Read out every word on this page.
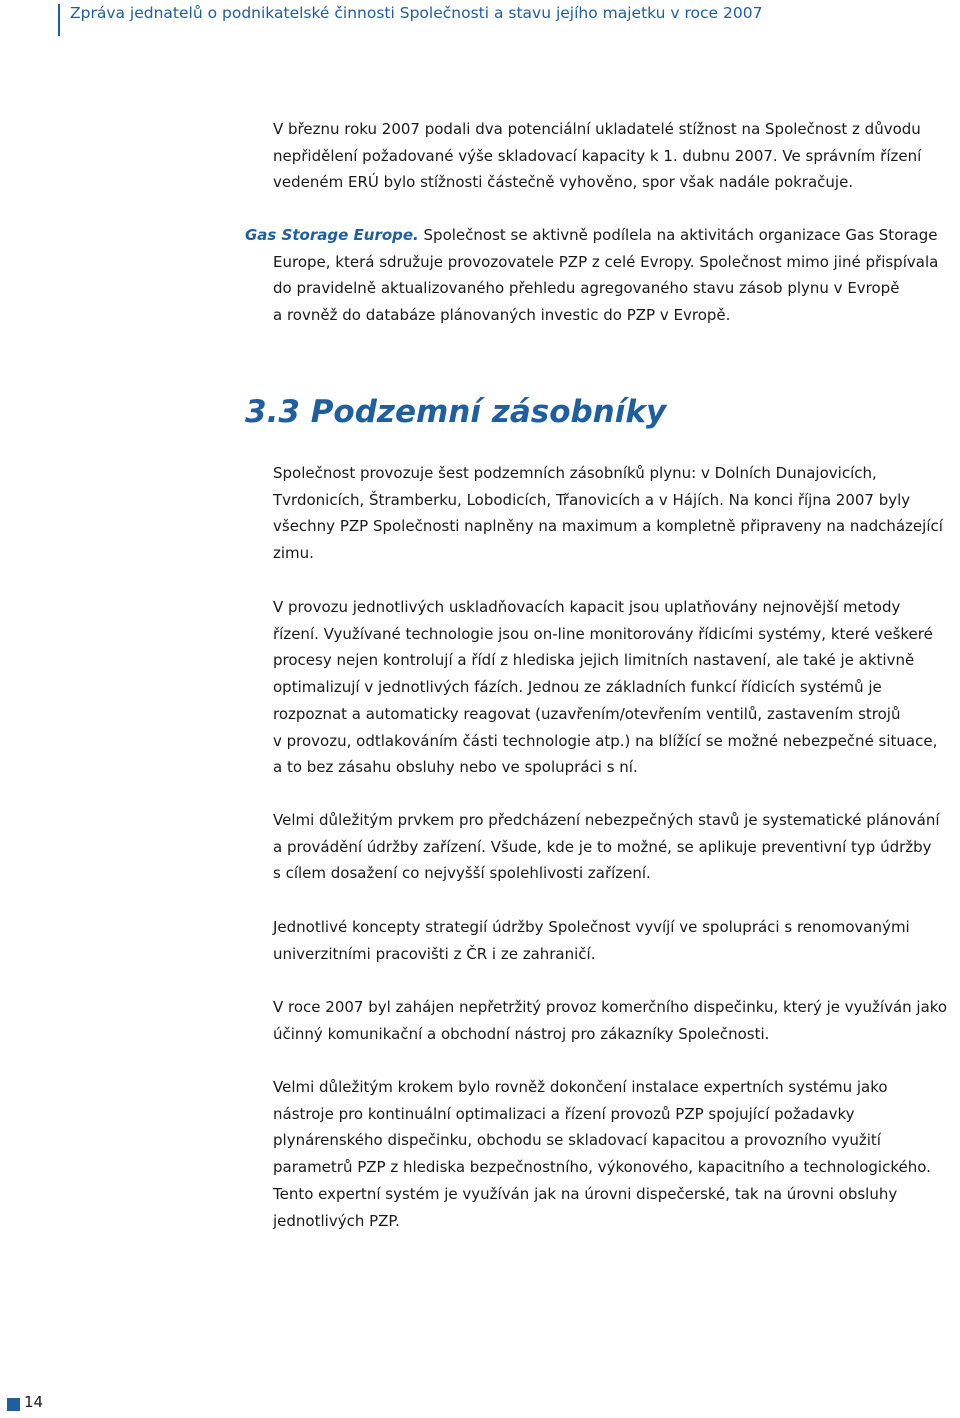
Zpráva jednatelů o podnikatelské činnosti Společnosti a stavu jejího majetku v roce 2007

V březnu roku 2007 podali dva potenciální ukladatelé stížnost na Společnost z důvodu
nepřidělení požadované výše skladovací kapacity k 1. dubnu 2007. Ve správním řízení
vedeném ERÚ bylo stížnosti částečně vyhověno, spor však nadále pokračuje.

Gas Storage Europe. Společnost se aktivně podílela na aktivitách organizace Gas Storage
Europe, která sdružuje provozovatele PZP z celé Evropy. Společnost mimo jiné přispívala
do pravidelně aktualizovaného přehledu agregovaného stavu zásob plynu v Evropě
a rovněž do databáze plánovaných investic do PZP v Evropě.

3.3 Podzemní zásobníky

Společnost provozuje šest podzemních zásobníků plynu: v Dolních Dunajovicích,
Tvrdonicích, Štramberku, Lobodicích, Třanovicích a v Hájích. Na konci října 2007 byly
všechny PZP Společnosti naplněny na maximum a kompletně připraveny na nadcházející
zimu.

V provozu jednotlivých uskladňovacích kapacit jsou uplatňovány nejnovější metody
řízení. Využívané technologie jsou on-line monitorovány řídicími systémy, které veškeré
procesy nejen kontrolují a řídí z hlediska jejich limitních nastavení, ale také je aktivně
optimalizují v jednotlivých fázích. Jednou ze základních funkcí řídicích systémů je
rozpoznat a automaticky reagovat (uzavřením/otevřením ventilů, zastavením strojů
v provozu, odtlakováním části technologie atp.) na blížící se možné nebezpečné situace,
a to bez zásahu obsluhy nebo ve spolupráci s ní.

Velmi důležitým prvkem pro předcházení nebezpečných stavů je systematické plánování
a provádění údržby zařízení. Všude, kde je to možné, se aplikuje preventivní typ údržby
s cílem dosažení co nejvyšší spolehlivosti zařízení.

Jednotlivé koncepty strategií údržby Společnost vyvíjí ve spolupráci s renomovanými
univerzitními pracovišti z ČR i ze zahraničí.

V roce 2007 byl zahájen nepřetržitý provoz komerčního dispečinku, který je využíván jako
účinný komunikační a obchodní nástroj pro zákazníky Společnosti.

Velmi důležitým krokem bylo rovněž dokončení instalace expertních systému jako
nástroje pro kontinuální optimalizaci a řízení provozů PZP spojující požadavky
plynárenského dispečinku, obchodu se skladovací kapacitou a provozního využití
parametrů PZP z hlediska bezpečnostního, výkonového, kapacitního a technologického.
Tento expertní systém je využíván jak na úrovni dispečerské, tak na úrovni obsluhy
jednotlivých PZP.

14
